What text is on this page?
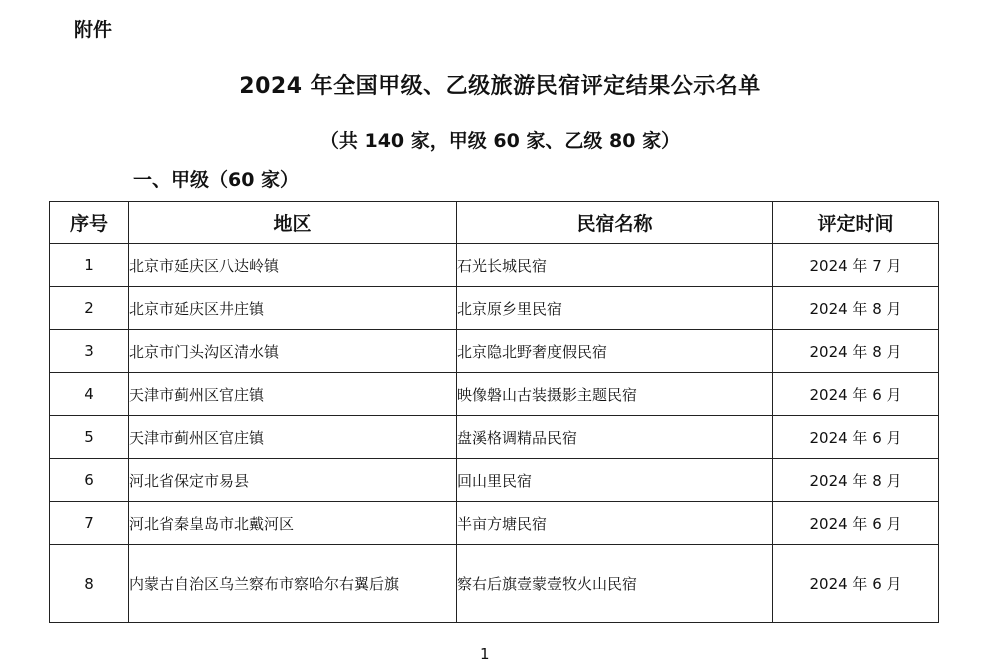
附件
2024 年全国甲级、乙级旅游民宿评定结果公示名单
（共 140 家，甲级 60 家、乙级 80 家）
一、甲级（60 家）
序号	地区	民宿名称	评定时间
1	北京市延庆区八达岭镇	石光长城民宿	2024 年 7 月
2	北京市延庆区井庄镇	北京原乡里民宿	2024 年 8 月
3	北京市门头沟区清水镇	北京隐北野奢度假民宿	2024 年 8 月
4	天津市蓟州区官庄镇	映像磐山古装摄影主题民宿	2024 年 6 月
5	天津市蓟州区官庄镇	盘溪格调精品民宿	2024 年 6 月
6	河北省保定市易县	回山里民宿	2024 年 8 月
7	河北省秦皇岛市北戴河区	半亩方塘民宿	2024 年 6 月
8	内蒙古自治区乌兰察布市察哈尔右翼后旗	察右后旗壹蒙壹牧火山民宿	2024 年 6 月
1
